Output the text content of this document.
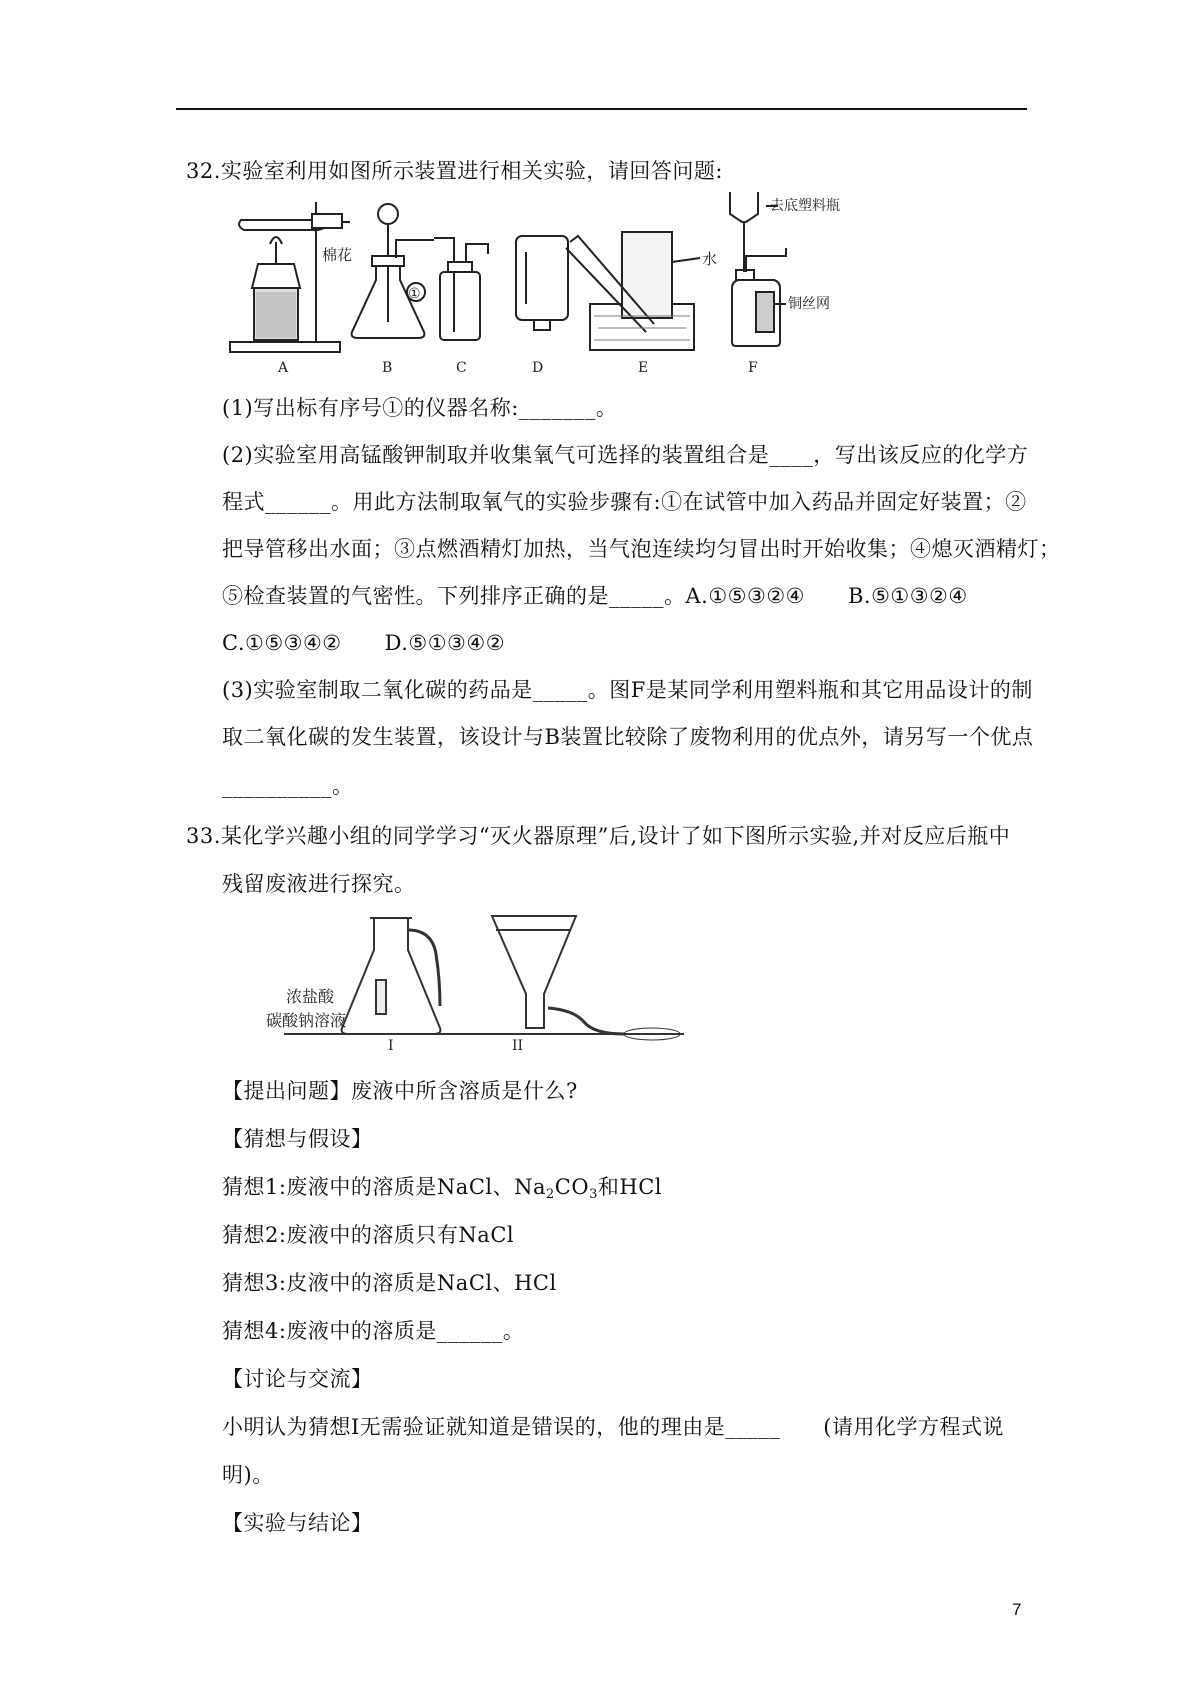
32.实验室利用如图所示装置进行相关实验，请回答问题:
棉花
A
①
B	C	D
水
E
去底塑料瓶
铜丝网
F
(1)写出标有序号①的仪器名称:_______。
(2)实验室用高锰酸钾制取并收集氧气可选择的装置组合是____，写出该反应的化学方
程式______。用此方法制取氧气的实验步骤有:①在试管中加入药品并固定好装置；②
把导管移出水面；③点燃酒精灯加热，当气泡连续均匀冒出时开始收集；④熄灭酒精灯；
⑤检查装置的气密性。下列排序正确的是_____。A.①⑤③②④　　B.⑤①③②④
C.①⑤③④②　　D.⑤①③④②
(3)实验室制取二氧化碳的药品是_____。图F是某同学利用塑料瓶和其它用品设计的制
取二氧化碳的发生装置，该设计与B装置比较除了废物利用的优点外，请另写一个优点
__________。
33.某化学兴趣小组的同学学习“灭火器原理”后,设计了如下图所示实验,并对反应后瓶中
残留废液进行探究。
浓盐酸
碳酸钠溶液
I	II
【提出问题】废液中所含溶质是什么?
【猜想与假设】
猜想1:废液中的溶质是NaCl、$Na_2CO_3$和HCl
猜想2:废液中的溶质只有NaCl
猜想3:皮液中的溶质是NaCl、HCl
猜想4:废液中的溶质是______。
【讨论与交流】
小明认为猜想I无需验证就知道是错误的，他的理由是_____　　(请用化学方程式说
明)。
【实验与结论】
7
